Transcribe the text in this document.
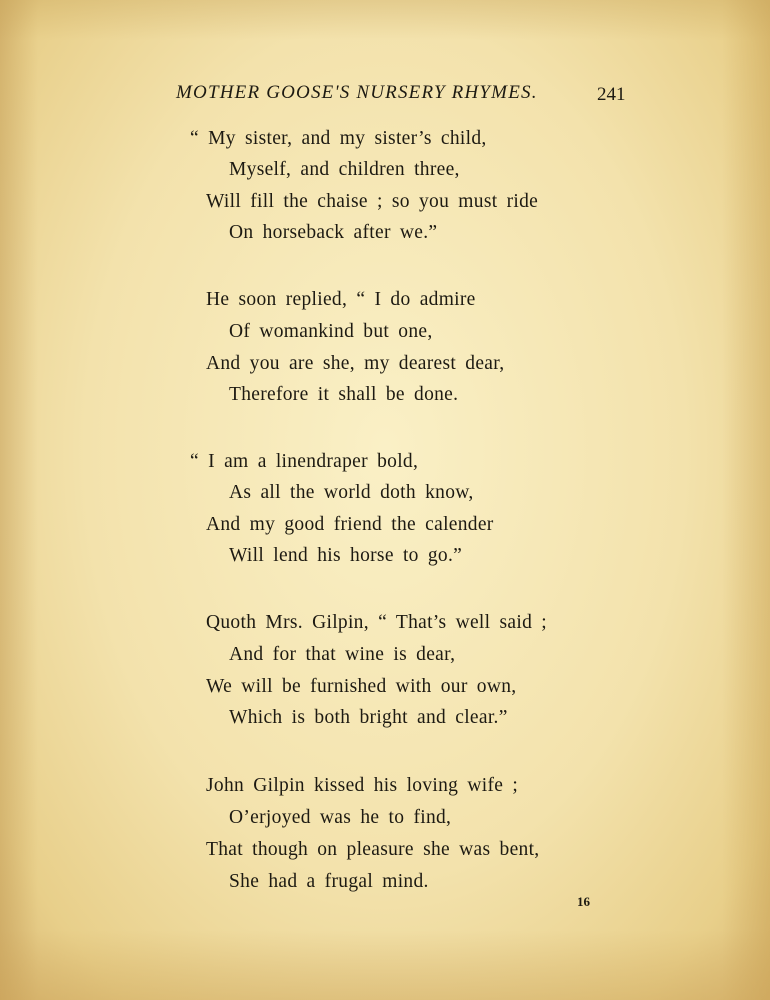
MOTHER GOOSE'S NURSERY RHYMES.	241
“ My sister, and my sister’s child,
Myself, and children three,
Will fill the chaise ; so you must ride
On horseback after we.”
He soon replied, “ I do admire
Of womankind but one,
And you are she, my dearest dear,
Therefore it shall be done.
“ I am a linendraper bold,
As all the world doth know,
And my good friend the calender
Will lend his horse to go.”
Quoth Mrs. Gilpin, “ That’s well said ;
And for that wine is dear,
We will be furnished with our own,
Which is both bright and clear.”
John Gilpin kissed his loving wife ;
O’erjoyed was he to find,
That though on pleasure she was bent,
She had a frugal mind.
16
